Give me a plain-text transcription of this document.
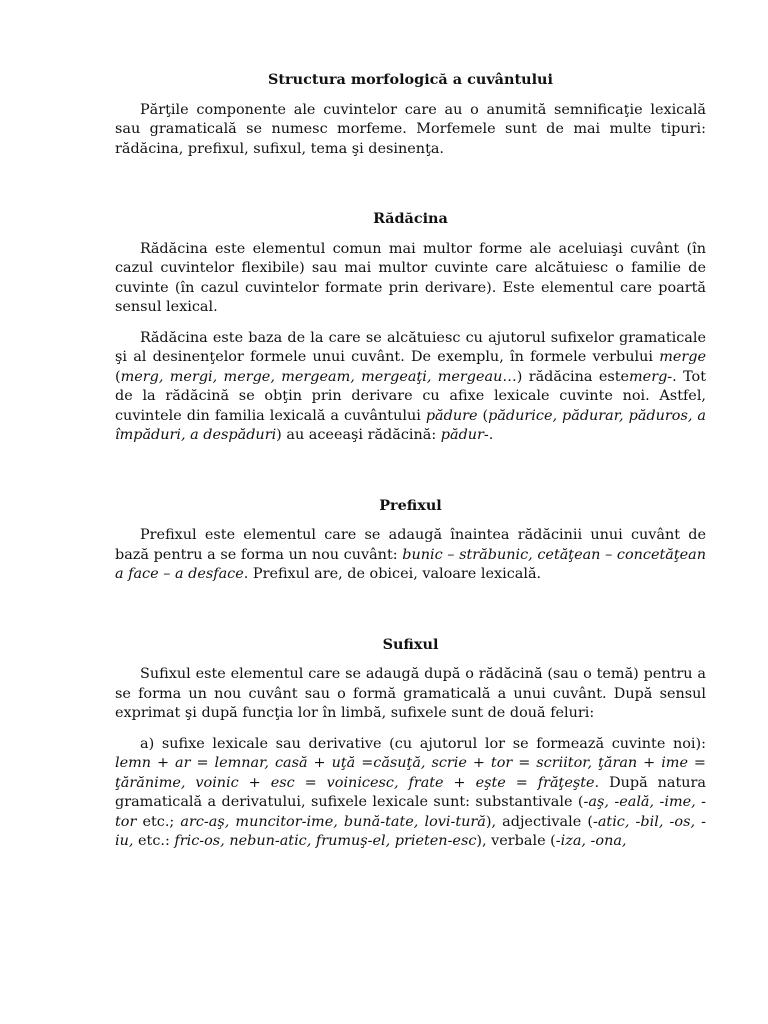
Structura morfologică a cuvântului

Părţile componente ale cuvintelor care au o anumită semnificaţie lexicală sau gramaticală se numesc morfeme. Morfemele sunt de mai multe tipuri: rădăcina, prefixul, sufixul, tema şi desinenţa.

Rădăcina

Rădăcina este elementul comun mai multor forme ale aceluiaşi cuvânt (în cazul cuvintelor flexibile) sau mai multor cuvinte care alcătuiesc o familie de cuvinte (în cazul cuvintelor formate prin derivare). Este elementul care poartă sensul lexical.

Rădăcina este baza de la care se alcătuiesc cu ajutorul sufixelor gramaticale şi al desinenţelor formele unui cuvânt. De exemplu, în formele verbului merge (merg, mergi, merge, mergeam, mergeaţi, mergeau…) rădăcina estemerg-. Tot de la rădăcină se obţin prin derivare cu afixe lexicale cuvinte noi. Astfel, cuvintele din familia lexicală a cuvântului pădure (pădurice, pădurar, păduros, a împăduri, a despăduri) au aceeaşi rădăcină: pădur-.

Prefixul

Prefixul este elementul care se adaugă înaintea rădăcinii unui cuvânt de bază pentru a se forma un nou cuvânt: bunic – străbunic, cetăţean – concetăţean a face – a desface. Prefixul are, de obicei, valoare lexicală.

Sufixul

Sufixul este elementul care se adaugă după o rădăcină (sau o temă) pentru a se forma un nou cuvânt sau o formă gramaticală a unui cuvânt. După sensul exprimat şi după funcţia lor în limbă, sufixele sunt de două feluri:

a) sufixe lexicale sau derivative (cu ajutorul lor se formează cuvinte noi): lemn + ar = lemnar, casă + uţă =căsuţă, scrie + tor = scriitor, ţăran + ime = ţărănime, voinic + esc = voinicesc, frate + eşte = frăţeşte. După natura gramaticală a derivatului, sufixele lexicale sunt: substantivale (-aş, -eală, -ime, -tor etc.; arc-aş, muncitor-ime, bună-tate, lovi-tură), adjectivale (-atic, -bil, -os, -iu, etc.: fric-os, nebun-atic, frumuş-el, prieten-esc), verbale (-iza, -ona,
